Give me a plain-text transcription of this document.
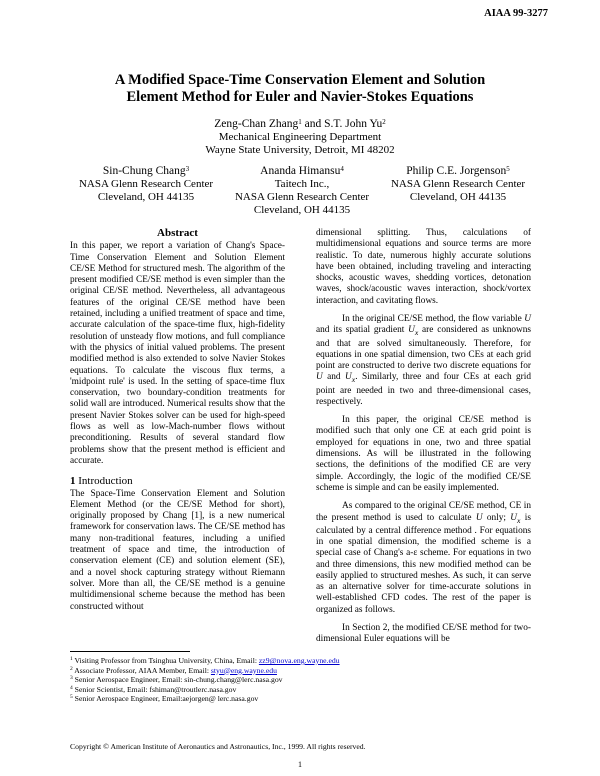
AIAA 99-3277
A Modified Space-Time Conservation Element and Solution
Element Method for Euler and Navier-Stokes Equations
Zeng-Chan Zhang$^1$ and S.T. John Yu$^2$
Mechanical Engineering Department
Wayne State University, Detroit, MI 48202
Sin-Chung Chang$^3$
NASA Glenn Research Center
Cleveland, OH 44135
Ananda Himansu$^4$
Taitech Inc.,
NASA Glenn Research Center
Cleveland, OH 44135
Philip C.E. Jorgenson$^5$
NASA Glenn Research Center
Cleveland, OH 44135
Abstract

In this paper, we report a variation of Chang's Space-Time Conservation Element and Solution Element CE/SE Method for structured mesh. The algorithm of the present modified CE/SE method is even simpler than the original CE/SE method. Nevertheless, all advantageous features of the original CE/SE method have been retained, including a unified treatment of space and time, accurate calculation of the space-time flux, high-fidelity resolution of unsteady flow motions, and full compliance with the physics of initial valued problems. The present modified method is also extended to solve Navier Stokes equations. To calculate the viscous flux terms, a 'midpoint rule' is used. In the setting of space-time flux conservation, two boundary-condition treatments for solid wall are introduced. Numerical results show that the present Navier Stokes solver can be used for high-speed flows as well as low-Mach-number flows without preconditioning. Results of several standard flow problems show that the present method is efficient and accurate.

1 Introduction

The Space-Time Conservation Element and Solution Element Method (or the CE/SE Method for short), originally proposed by Chang [1], is a new numerical framework for conservation laws. The CE/SE method has many non-traditional features, including a unified treatment of space and time, the introduction of conservation element (CE) and solution element (SE), and a novel shock capturing strategy without Riemann solver. More than all, the CE/SE method is a genuine multidimensional scheme because the method has been constructed without

dimensional splitting. Thus, calculations of multidimensional equations and source terms are more realistic. To date, numerous highly accurate solutions have been obtained, including traveling and interacting shocks, acoustic waves, shedding vortices, detonation waves, shock/acoustic waves interaction, shock/vortex interaction, and cavitating flows.

In the original CE/SE method, the flow variable U and its spatial gradient $U_x$ are considered as unknowns and that are solved simultaneously. Therefore, for equations in one spatial dimension, two CEs at each grid point are constructed to derive two discrete equations for U and $U_x$. Similarly, three and four CEs at each grid point are needed in two and three-dimensional cases, respectively.

In this paper, the original CE/SE method is modified such that only one CE at each grid point is employed for equations in one, two and three spatial dimensions. As will be illustrated in the following sections, the definitions of the modified CE are very simple. Accordingly, the logic of the modified CE/SE scheme is simple and can be easily implemented.

As compared to the original CE/SE method, CE in the present method is used to calculate U only; $U_x$ is calculated by a central difference method . For equations in one spatial dimension, the modified scheme is a special case of Chang's a-ε scheme. For equations in two and three dimensions, this new modified method can be easily applied to structured meshes. As such, it can serve as an alternative solver for time-accurate solutions in well-established CFD codes. The rest of the paper is organized as follows.

In Section 2, the modified CE/SE method for two-dimensional Euler equations will be

$^1$ Visiting Professor from Tsinghua University, China, Email: zz9@nova.eng.wayne.edu
$^2$ Associate Professor, AIAA Member, Email: styu@eng.wayne.edu
$^3$ Senior Aerospace Engineer, Email: sin-chung.chang@lerc.nasa.gov
$^4$ Senior Scientist, Email: fshiman@troutlerc.nasa.gov
$^5$ Senior Aerospace Engineer, Email:aejorgen@ lerc.nasa.gov
Copyright © American Institute of Aeronautics and Astronautics, Inc., 1999. All rights reserved.
1
